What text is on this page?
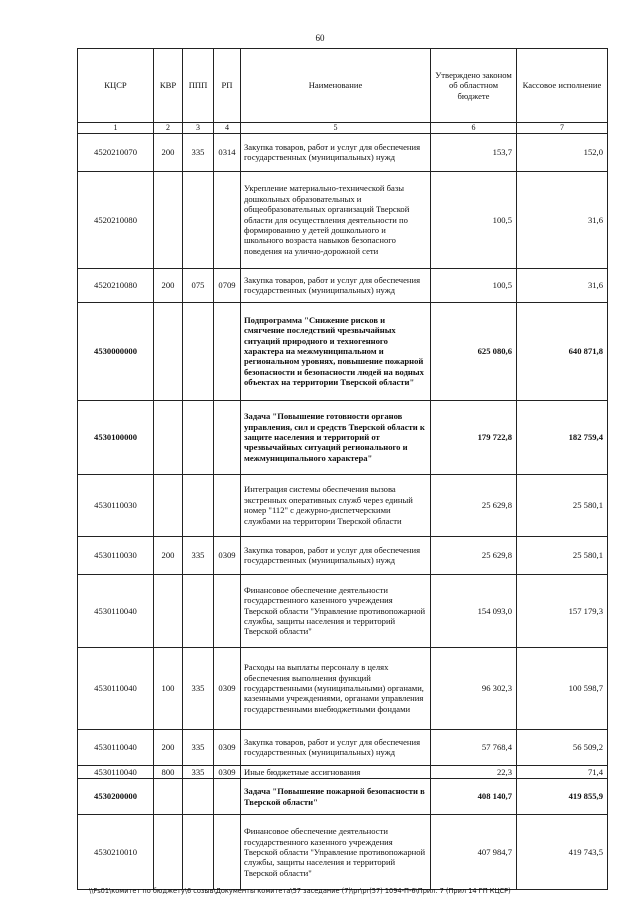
60
КЦСР	КВР	ППП	РП	Наименование	Утверждено законом об областном бюджете	Кассовое исполнение
1	2	3	4	5	6	7
4520210070	200	335	0314	Закупка товаров, работ и услуг для обеспечения государственных (муниципальных) нужд	153,7	152,0
4520210080				Укрепление материально-технической базы дошкольных образовательных и общеобразовательных организаций Тверской области для осуществления деятельности по формированию у детей дошкольного и школьного возраста навыков безопасного поведения на улично-дорожной сети	100,5	31,6
4520210080	200	075	0709	Закупка товаров, работ и услуг для обеспечения государственных (муниципальных) нужд	100,5	31,6
4530000000				Подпрограмма "Снижение рисков и смягчение последствий чрезвычайных ситуаций природного и техногенного характера на межмуниципальном и региональном уровнях, повышение пожарной безопасности и безопасности людей на водных объектах на территории Тверской области"	625 080,6	640 871,8
4530100000				Задача "Повышение готовности органов управления, сил и средств Тверской области к защите населения и территорий от чрезвычайных ситуаций регионального и межмуниципального характера"	179 722,8	182 759,4
4530110030				Интеграция системы обеспечения вызова экстренных оперативных служб через единый номер "112" с дежурно-диспетчерскими службами на территории Тверской области	25 629,8	25 580,1
4530110030	200	335	0309	Закупка товаров, работ и услуг для обеспечения государственных (муниципальных) нужд	25 629,8	25 580,1
4530110040				Финансовое обеспечение деятельности государственного казенного учреждения Тверской области "Управление противопожарной службы, защиты населения и территорий Тверской области"	154 093,0	157 179,3
4530110040	100	335	0309	Расходы на выплаты персоналу в целях обеспечения выполнения функций государственными (муниципальными) органами, казенными учреждениями, органами управления государственными внебюджетными фондами	96 302,3	100 598,7
4530110040	200	335	0309	Закупка товаров, работ и услуг для обеспечения государственных (муниципальных) нужд	57 768,4	56 509,2
4530110040	800	335	0309	Иные бюджетные ассигнования	22,3	71,4
4530200000				Задача "Повышение пожарной безопасности в Тверской области"	408 140,7	419 855,9
4530210010				Финансовое обеспечение деятельности государственного казенного учреждения Тверской области "Управление противопожарной службы, защиты населения и территорий Тверской области"	407 984,7	419 743,5
\\Fs01\комитет по бюджету\6 созыв\Документы комитета\57 заседание (7)\pr\pr(57) 1094-П-6\Прил. 7 (Прил 14 ГП КЦСР)
